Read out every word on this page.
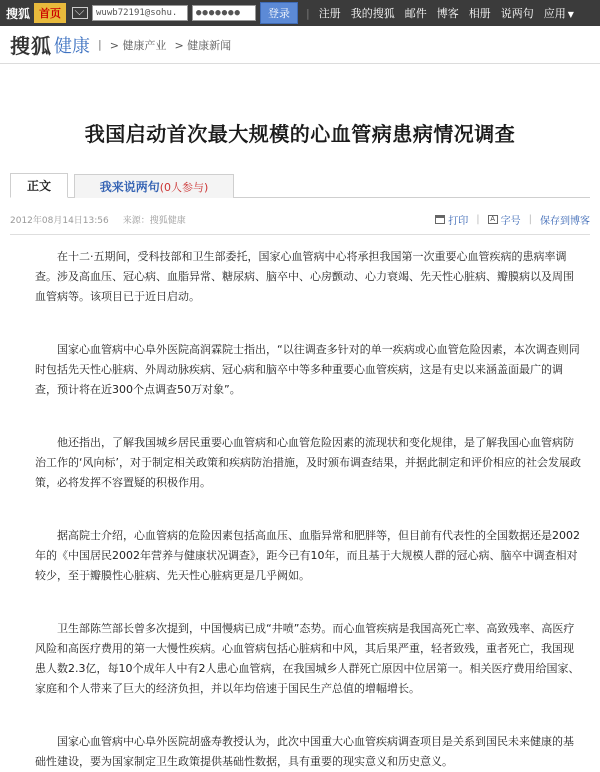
搜狐 首页	wuwb72191@sohu.	●●●●●●●	登录	| 注册 我的搜狐 邮件 博客 相册 说两句 应用 ▼
搜狐 健康 | > 健康产业 > 健康新闻
我国启动首次最大规模的心血管病患病情况调查
正文	我来说两句 (0人参与)
2012年08月14日13:56 来源：搜狐健康	打印 |	A 字号 | 保存到博客

在十二·五期间，受科技部和卫生部委托，国家心血管病中心将承担我国第一次重要心血管疾病的患病率调查。涉及高血压、冠心病、血脂异常、糖尿病、脑卒中、心房颤动、心力衰竭、先天性心脏病、瓣膜病以及周围血管病等。该项目已于近日启动。

国家心血管病中心阜外医院高润霖院士指出，“以往调查多针对的单一疾病或心血管危险因素，本次调查则同时包括先天性心脏病、外周动脉疾病、冠心病和脑卒中等多种重要心血管疾病，这是有史以来涵盖面最广的调查，预计将在近300个点调查50万对象”。

他还指出，了解我国城乡居民重要心血管病和心血管危险因素的流现状和变化规律，是了解我国心血管病防治工作的‘风向标’，对于制定相关政策和疾病防治措施，及时颁布调查结果，并据此制定和评价相应的社会发展政策，必将发挥不容置疑的积极作用。

据高院士介绍，心血管病的危险因素包括高血压、血脂异常和肥胖等，但目前有代表性的全国数据还是2002年的《中国居民2002年营养与健康状况调查》，距今已有10年，而且基于大规模人群的冠心病、脑卒中调查相对较少，至于瓣膜性心脏病、先天性心脏病更是几乎阙如。

卫生部陈竺部长曾多次提到，中国慢病已成“井喷”态势。而心血管疾病是我国高死亡率、高致残率、高医疗风险和高医疗费用的第一大慢性疾病。心血管病包括心脏病和中风，其后果严重，轻者致残，重者死亡，我国现患人数2.3亿，每10个成年人中有2人患心血管病，在我国城乡人群死亡原因中位居第一。相关医疗费用给国家、家庭和个人带来了巨大的经济负担，并以年均倍速于国民生产总值的增幅增长。

国家心血管病中心阜外医院胡盛寿教授认为，此次中国重大心血管疾病调查项目是关系到国民未来健康的基础性建设，要为国家制定卫生政策提供基础性数据，具有重要的现实意义和历史意义。
